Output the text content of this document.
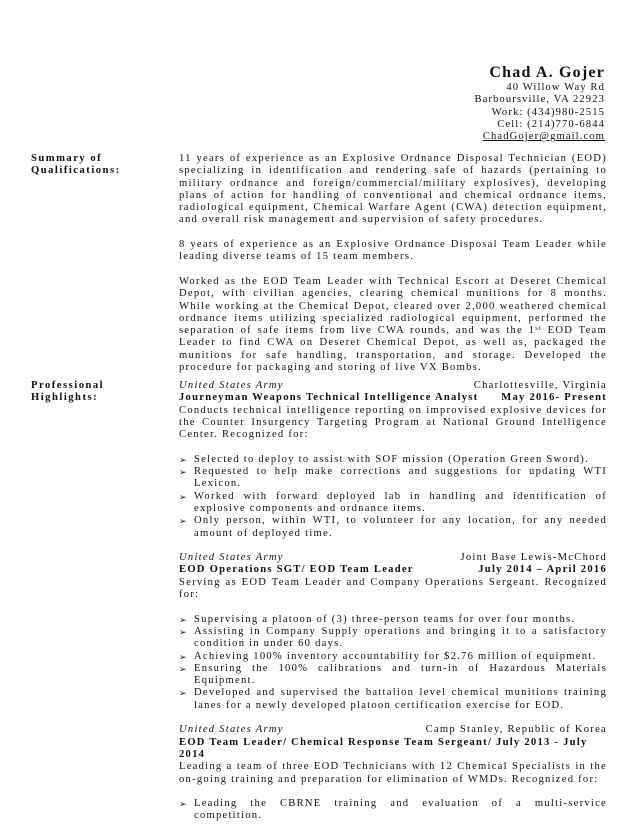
Chad A. Gojer
40 Willow Way Rd
Barboursville, VA 22923
Work: (434)980-2515
Cell: (214)770-6844
ChadGojer@gmail.com
Summary of
Qualifications:

11 years of experience as an Explosive Ordnance Disposal Technician (EOD) specializing in identification and rendering safe of hazards (pertaining to military ordnance and foreign/commercial/military explosives), developing plans of action for handling of conventional and chemical ordnance items, radiological equipment, Chemical Warfare Agent (CWA) detection equipment, and overall risk management and supervision of safety procedures.

8 years of experience as an Explosive Ordnance Disposal Team Leader while leading diverse teams of 15 team members.

Worked as the EOD Team Leader with Technical Escort at Deseret Chemical Depot, with civilian agencies, clearing chemical munitions for 8 months. While working at the Chemical Depot, cleared over 2,000 weathered chemical ordnance items utilizing specialized radiological equipment, performed the separation of safe items from live CWA rounds, and was the 1st EOD Team Leader to find CWA on Deseret Chemical Depot, as well as, packaged the munitions for safe handling, transportation, and storage. Developed the procedure for packaging and storing of live VX Bombs.

Professional
Highlights:
United States Army	Charlottesville, Virginia
Journeyman Weapons Technical Intelligence Analyst May 2016- Present

Conducts technical intelligence reporting on improvised explosive devices for the Counter Insurgency Targeting Program at National Ground Intelligence Center. Recognized for:

➢ Selected to deploy to assist with SOF mission (Operation Green Sword).
➢ Requested to help make corrections and suggestions for updating WTI Lexicon.
➢ Worked with forward deployed lab in handling and identification of explosive components and ordnance items.
➢ Only person, within WTI, to volunteer for any location, for any needed amount of deployed time.
United States Army	Joint Base Lewis-McChord
EOD Operations SGT/ EOD Team Leader	July 2014 – April 2016

Serving as EOD Team Leader and Company Operations Sergeant. Recognized for:

➢ Supervising a platoon of (3) three-person teams for over four months.
➢ Assisting in Company Supply operations and bringing it to a satisfactory condition in under 60 days.
➢ Achieving 100% inventory accountability for $2.76 million of equipment.
➢ Ensuring the 100% calibrations and turn-in of Hazardous Materials Equipment.
➢ Developed and supervised the battalion level chemical munitions training lanes for a newly developed platoon certification exercise for EOD.
United States Army	Camp Stanley, Republic of Korea
EOD Team Leader/ Chemical Response Team Sergeant/ July 2013 - July 2014

Leading a team of three EOD Technicians with 12 Chemical Specialists in the on-going training and preparation for elimination of WMDs. Recognized for:

➢ Leading the CBRNE training and evaluation of a multi-service competition.
